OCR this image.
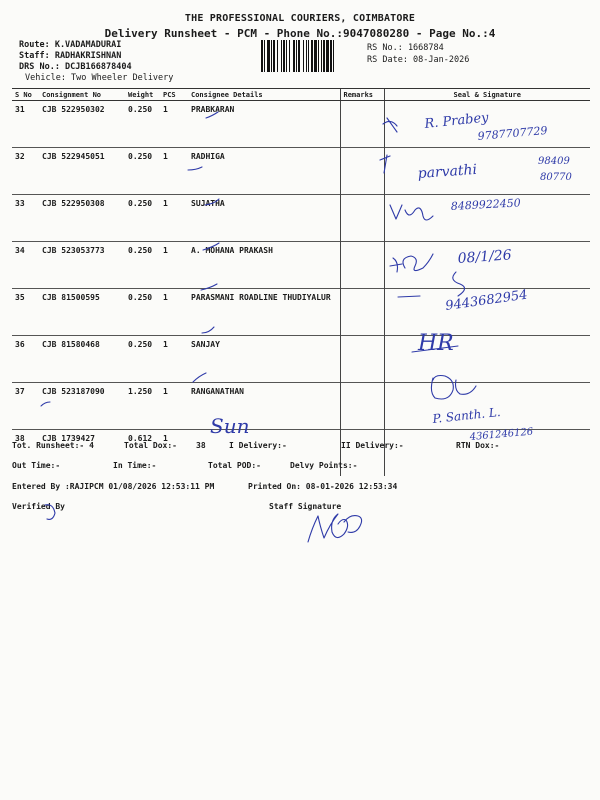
THE PROFESSIONAL COURIERS, COIMBATORE
Delivery Runsheet - PCM - Phone No.:9047080280 - Page No.:4
Route: K.VADAMADURAI
Staff: RADHAKRISHNAN
DRS No.: DCJB166878404
Vehicle: Two Wheeler Delivery
RS No.: 1668784
RS Date: 08-Jan-2026
S No	Consignment No	Weight	PCS	Consignee Details	Remarks	Seal & Signature
31	CJB 522950302	0.250	1	PRABKARAN		
32	CJB 522945051	0.250	1	RADHIGA		
33	CJB 522950308	0.250	1	SUJATHA		
34	CJB 523053773	0.250	1	A. MOHANA PRAKASH		
35	CJB 81500595	0.250	1	PARASMANI ROADLINE THUDIYALUR		
36	CJB 81580468	0.250	1	SANJAY		
37	CJB 523187090	1.250	1	RANGANATHAN		
38	CJB 1739427	0.612	1			
Tot. Runsheet:- 4	Total Dox:- 38	I Delivery:-	II Delivery:-	RTN Dox:-
Out Time:-	In Time:-	Total POD:-	Delvy Points:-
Entered By :RAJIPCM 01/08/2026 12:53:11 PM	Printed On: 08-01-2026 12:53:34
Verified By	Staff Signature
R. Prabey
9787707729
parvathi
98409
80770
8489922450
08/1/26
9443682954
HR
Sun	P. Santh. L.
4361246126
